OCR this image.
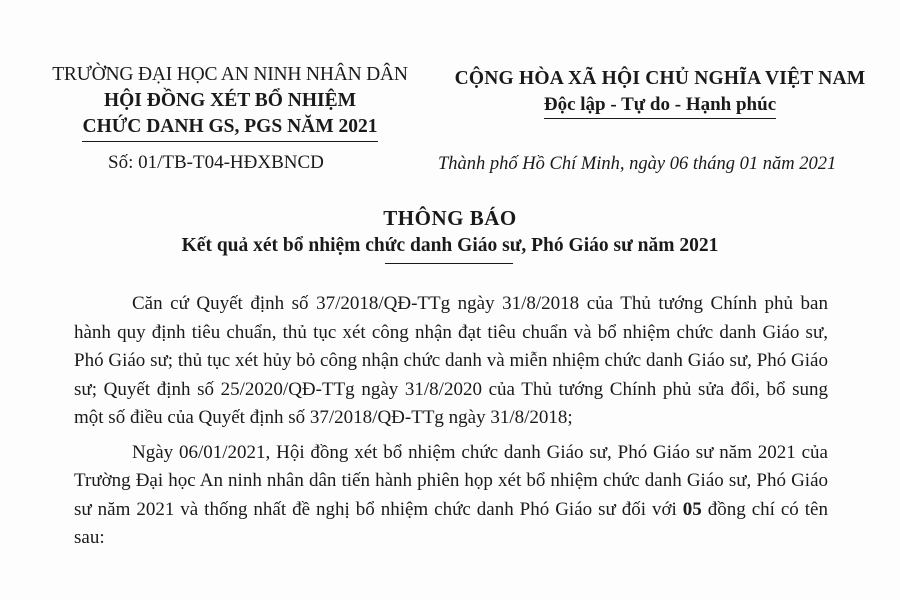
TRƯỜNG ĐẠI HỌC AN NINH NHÂN DÂN
HỘI ĐỒNG XÉT BỔ NHIỆM
CHỨC DANH GS, PGS NĂM 2021
Số: 01/TB-T04-HĐXBNCD
CỘNG HÒA XÃ HỘI CHỦ NGHĨA VIỆT NAM
Độc lập - Tự do - Hạnh phúc
Thành phố Hồ Chí Minh, ngày 06 tháng 01 năm 2021
THÔNG BÁO
Kết quả xét bổ nhiệm chức danh Giáo sư, Phó Giáo sư năm 2021

Căn cứ Quyết định số 37/2018/QĐ-TTg ngày 31/8/2018 của Thủ tướng Chính phủ ban hành quy định tiêu chuẩn, thủ tục xét công nhận đạt tiêu chuẩn và bổ nhiệm chức danh Giáo sư, Phó Giáo sư; thủ tục xét hủy bỏ công nhận chức danh và miễn nhiệm chức danh Giáo sư, Phó Giáo sư; Quyết định số 25/2020/QĐ-TTg ngày 31/8/2020 của Thủ tướng Chính phủ sửa đổi, bổ sung một số điều của Quyết định số 37/2018/QĐ-TTg ngày 31/8/2018;

Ngày 06/01/2021, Hội đồng xét bổ nhiệm chức danh Giáo sư, Phó Giáo sư năm 2021 của Trường Đại học An ninh nhân dân tiến hành phiên họp xét bổ nhiệm chức danh Giáo sư, Phó Giáo sư năm 2021 và thống nhất đề nghị bổ nhiệm chức danh Phó Giáo sư đối với 05 đồng chí có tên sau:
